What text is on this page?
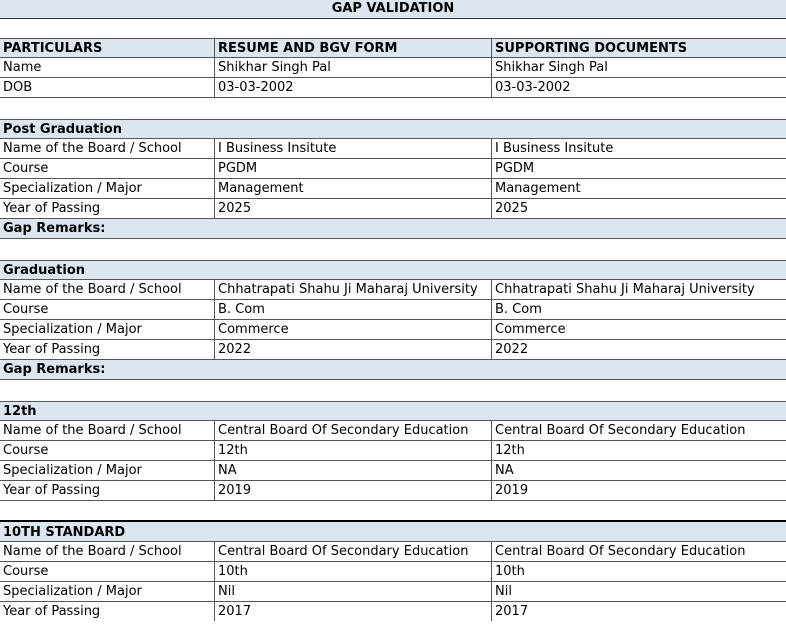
GAP VALIDATION
PARTICULARS	RESUME AND BGV FORM	SUPPORTING DOCUMENTS
Name	Shikhar Singh Pal	Shikhar Singh Pal
DOB	03-03-2002	03-03-2002
Post Graduation
Name of the Board / School	I Business Insitute	I Business Insitute
Course	PGDM	PGDM
Specialization / Major	Management	Management
Year of Passing	2025	2025
Gap Remarks:
Graduation
Name of the Board / School	Chhatrapati Shahu Ji Maharaj University	Chhatrapati Shahu Ji Maharaj University
Course	B. Com	B. Com
Specialization / Major	Commerce	Commerce
Year of Passing	2022	2022
Gap Remarks:
12th
Name of the Board / School	Central Board Of Secondary Education	Central Board Of Secondary Education
Course	12th	12th
Specialization / Major	NA	NA
Year of Passing	2019	2019
10TH STANDARD
Name of the Board / School	Central Board Of Secondary Education	Central Board Of Secondary Education
Course	10th	10th
Specialization / Major	Nil	Nil
Year of Passing	2017	2017
